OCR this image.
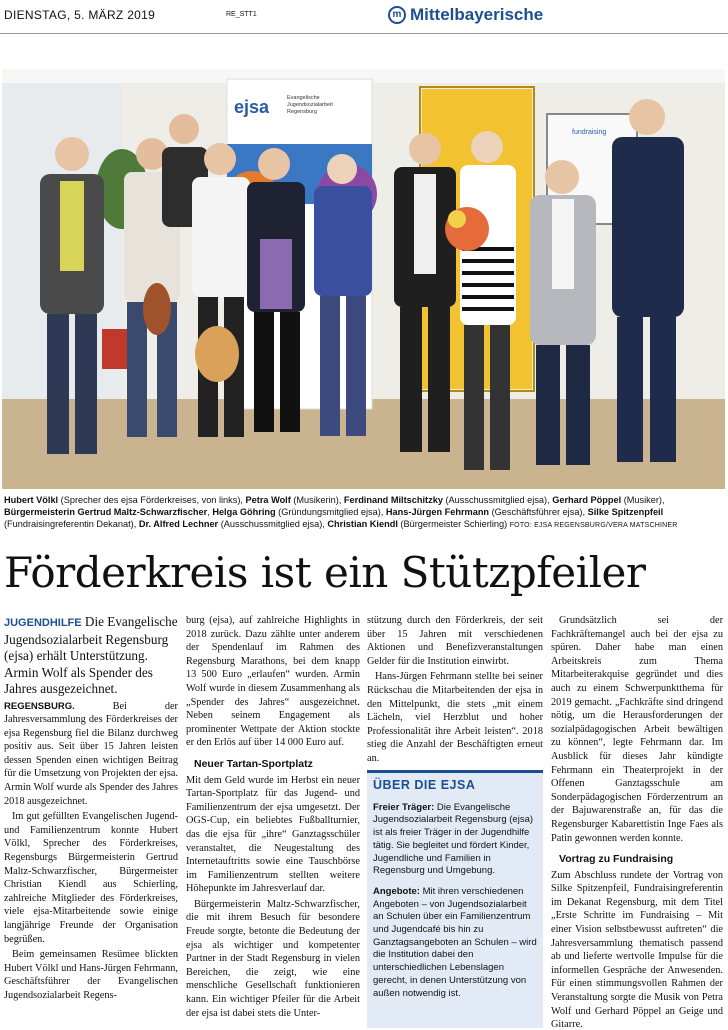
DIENSTAG, 5. MÄRZ 2019	RE_STT1	m Mittelbayerische
fundraising
ejsa	Evangelische
Jugendsozialarbeit
Regensburg
Hubert Völkl (Sprecher des ejsa Förderkreises, von links), Petra Wolf (Musikerin), Ferdinand Miltschitzky (Ausschussmitglied ejsa), Gerhard Pöppel (Musiker), Bürgermeisterin Gertrud Maltz-Schwarzfischer, Helga Göhring (Gründungsmitglied ejsa), Hans-Jürgen Fehrmann (Geschäftsführer ejsa), Silke Spitzenpfeil (Fundraisingreferentin Dekanat), Dr. Alfred Lechner (Ausschussmitglied ejsa), Christian Kiendl (Bürgermeister Schierling) FOTO: EJSA REGENSBURG/VERA MATSCHINER
Förderkreis ist ein Stützpfeiler

JUGENDHILFE Die Evangelische Jugendsozialarbeit Regensburg (ejsa) erhält Unterstützung. Armin Wolf als Spender des Jahres ausgezeichnet.

REGENSBURG. Bei der Jahresversammlung des Förderkreises der ejsa Regensburg fiel die Bilanz durchweg positiv aus. Seit über 15 Jahren leisten dessen Spenden einen wichtigen Beitrag für die Umsetzung von Projekten der ejsa. Armin Wolf wurde als Spender des Jahres 2018 ausgezeichnet.

Im gut gefüllten Evangelischen Jugend- und Familienzentrum konnte Hubert Völkl, Sprecher des Förderkreises, Regensburgs Bürgermeisterin Gertrud Maltz-Schwarzfischer, Bürgermeister Christian Kiendl aus Schierling, zahlreiche Mitglieder des Förderkreises, viele ejsa-Mitarbeitende sowie einige langjährige Freunde der Organisation begrüßen.

Beim gemeinsamen Resümee blickten Hubert Völkl und Hans-Jürgen Fehrmann, Geschäftsführer der Evangelischen Jugendsozialarbeit Regens-

burg (ejsa), auf zahlreiche Highlights in 2018 zurück. Dazu zählte unter anderem der Spendenlauf im Rahmen des Regensburg Marathons, bei dem knapp 13 500 Euro „erlaufen“ wurden. Armin Wolf wurde in diesem Zusammenhang als „Spender des Jahres“ ausgezeichnet. Neben seinem Engagement als prominenter Wettpate der Aktion stockte er den Erlös auf über 14 000 Euro auf.

Neuer Tartan-Sportplatz

Mit dem Geld wurde im Herbst ein neuer Tartan-Sportplatz für das Jugend- und Familienzentrum der ejsa umgesetzt. Der OGS-Cup, ein beliebtes Fußballturnier, das die ejsa für „ihre“ Ganztagsschüler veranstaltet, die Neugestaltung des Internetauftritts sowie eine Tauschbörse im Familienzentrum stellten weitere Höhepunkte im Jahresverlauf dar.

Bürgermeisterin Maltz-Schwarzfischer, die mit ihrem Besuch für besondere Freude sorgte, betonte die Bedeutung der ejsa als wichtiger und kompetenter Partner in der Stadt Regensburg in vielen Bereichen, die zeigt, wie eine menschliche Gesellschaft funktionieren kann. Ein wichtiger Pfeiler für die Arbeit der ejsa ist dabei stets die Unter-

stützung durch den Förderkreis, der seit über 15 Jahren mit verschiedenen Aktionen und Benefizveranstaltungen Gelder für die Institution einwirbt.

Hans-Jürgen Fehrmann stellte bei seiner Rückschau die Mitarbeitenden der ejsa in den Mittelpunkt, die stets „mit einem Lächeln, viel Herzblut und hoher Professionalität ihre Arbeit leisten“. 2018 stieg die Anzahl der Beschäftigten erneut an.

ÜBER DIE EJSA

Freier Träger: Die Evangelische Jugendsozialarbeit Regensburg (ejsa) ist als freier Träger in der Jugendhilfe tätig. Sie begleitet und fördert Kinder, Jugendliche und Familien in Regensburg und Umgebung.

Angebote: Mit ihren verschiedenen Angeboten – von Jugendsozialarbeit an Schulen über ein Familienzentrum und Jugendcafé bis hin zu Ganztagsangeboten an Schulen – wird die Institution dabei den unterschiedlichen Lebenslagen gerecht, in denen Unterstützung von außen notwendig ist.

Grundsätzlich sei der Fachkräftemangel auch bei der ejsa zu spüren. Daher habe man einen Arbeitskreis zum Thema Mitarbeiterakquise gegründet und dies auch zu einem Schwerpunktthema für 2019 gemacht. „Fachkräfte sind dringend nötig, um die Herausforderungen der sozialpädagogischen Arbeit bewältigen zu können“, legte Fehrmann dar. Im Ausblick für dieses Jahr kündigte Fehrmann ein Theaterprojekt in der Offenen Ganztagsschule am Sonderpädagogischen Förderzentrum an der Bajuwarenstraße an, für das die Regensburger Kabarettistin Inge Faes als Patin gewonnen werden konnte.

Vortrag zu Fundraising

Zum Abschluss rundete der Vortrag von Silke Spitzenpfeil, Fundraisingreferentin im Dekanat Regensburg, mit dem Titel „Erste Schritte im Fundraising – Mit einer Vision selbstbewusst auftreten“ die Jahresversammlung thematisch passend ab und lieferte wertvolle Impulse für die informellen Gespräche der Anwesenden. Für einen stimmungsvollen Rahmen der Veranstaltung sorgte die Musik von Petra Wolf und Gerhard Pöppel an Geige und Gitarre.
